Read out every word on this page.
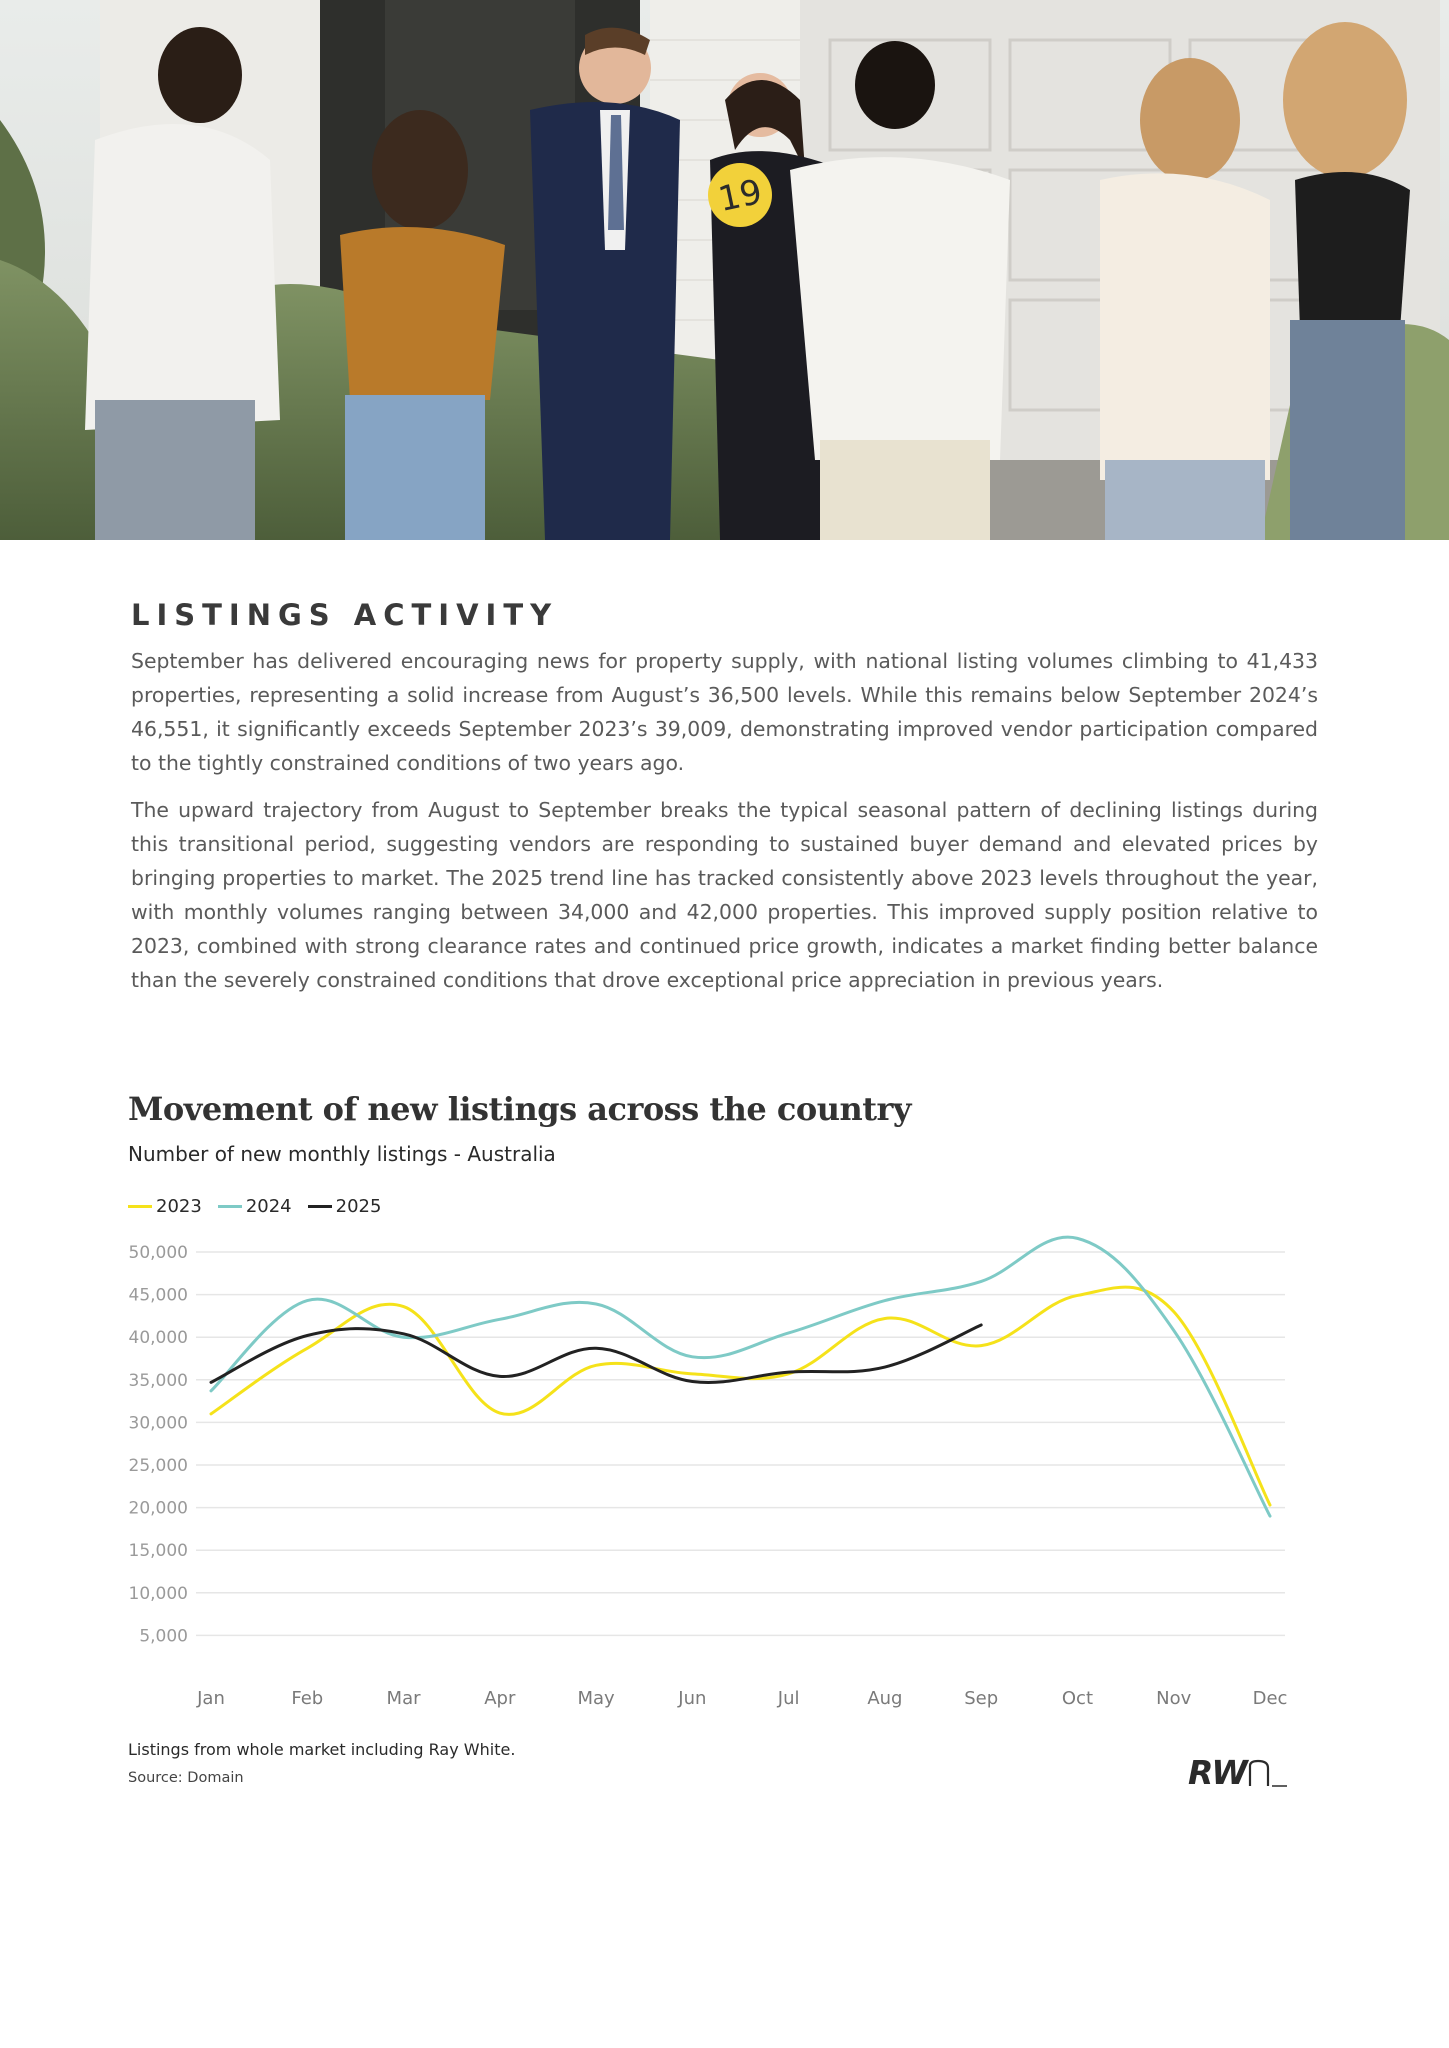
19
LISTINGS ACTIVITY

September has delivered encouraging news for property supply, with national listing volumes climbing to 41,433 properties, representing a solid increase from August’s 36,500 levels. While this remains below September 2024’s 46,551, it significantly exceeds September 2023’s 39,009, demonstrating improved vendor participation compared to the tightly constrained conditions of two years ago.

The upward trajectory from August to September breaks the typical seasonal pattern of declining listings during this transitional period, suggesting vendors are responding to sustained buyer demand and elevated prices by bringing properties to market. The 2025 trend line has tracked consistently above 2023 levels throughout the year, with monthly volumes ranging between 34,000 and 42,000 properties. This improved supply position relative to 2023, combined with strong clearance rates and continued price growth, indicates a market finding better balance than the severely constrained conditions that drove exceptional price appreciation in previous years.

Movement of new listings across the country
Number of new monthly listings - Australia
2023 2024 2025
5,000
10,000
15,000
20,000
25,000
30,000
35,000
40,000
45,000
50,000
Jan	Feb	Mar	Apr	May	Jun	Jul	Aug	Sep	Oct	Nov	Dec
Listings from whole market including Ray White.
Source: Domain	RW
